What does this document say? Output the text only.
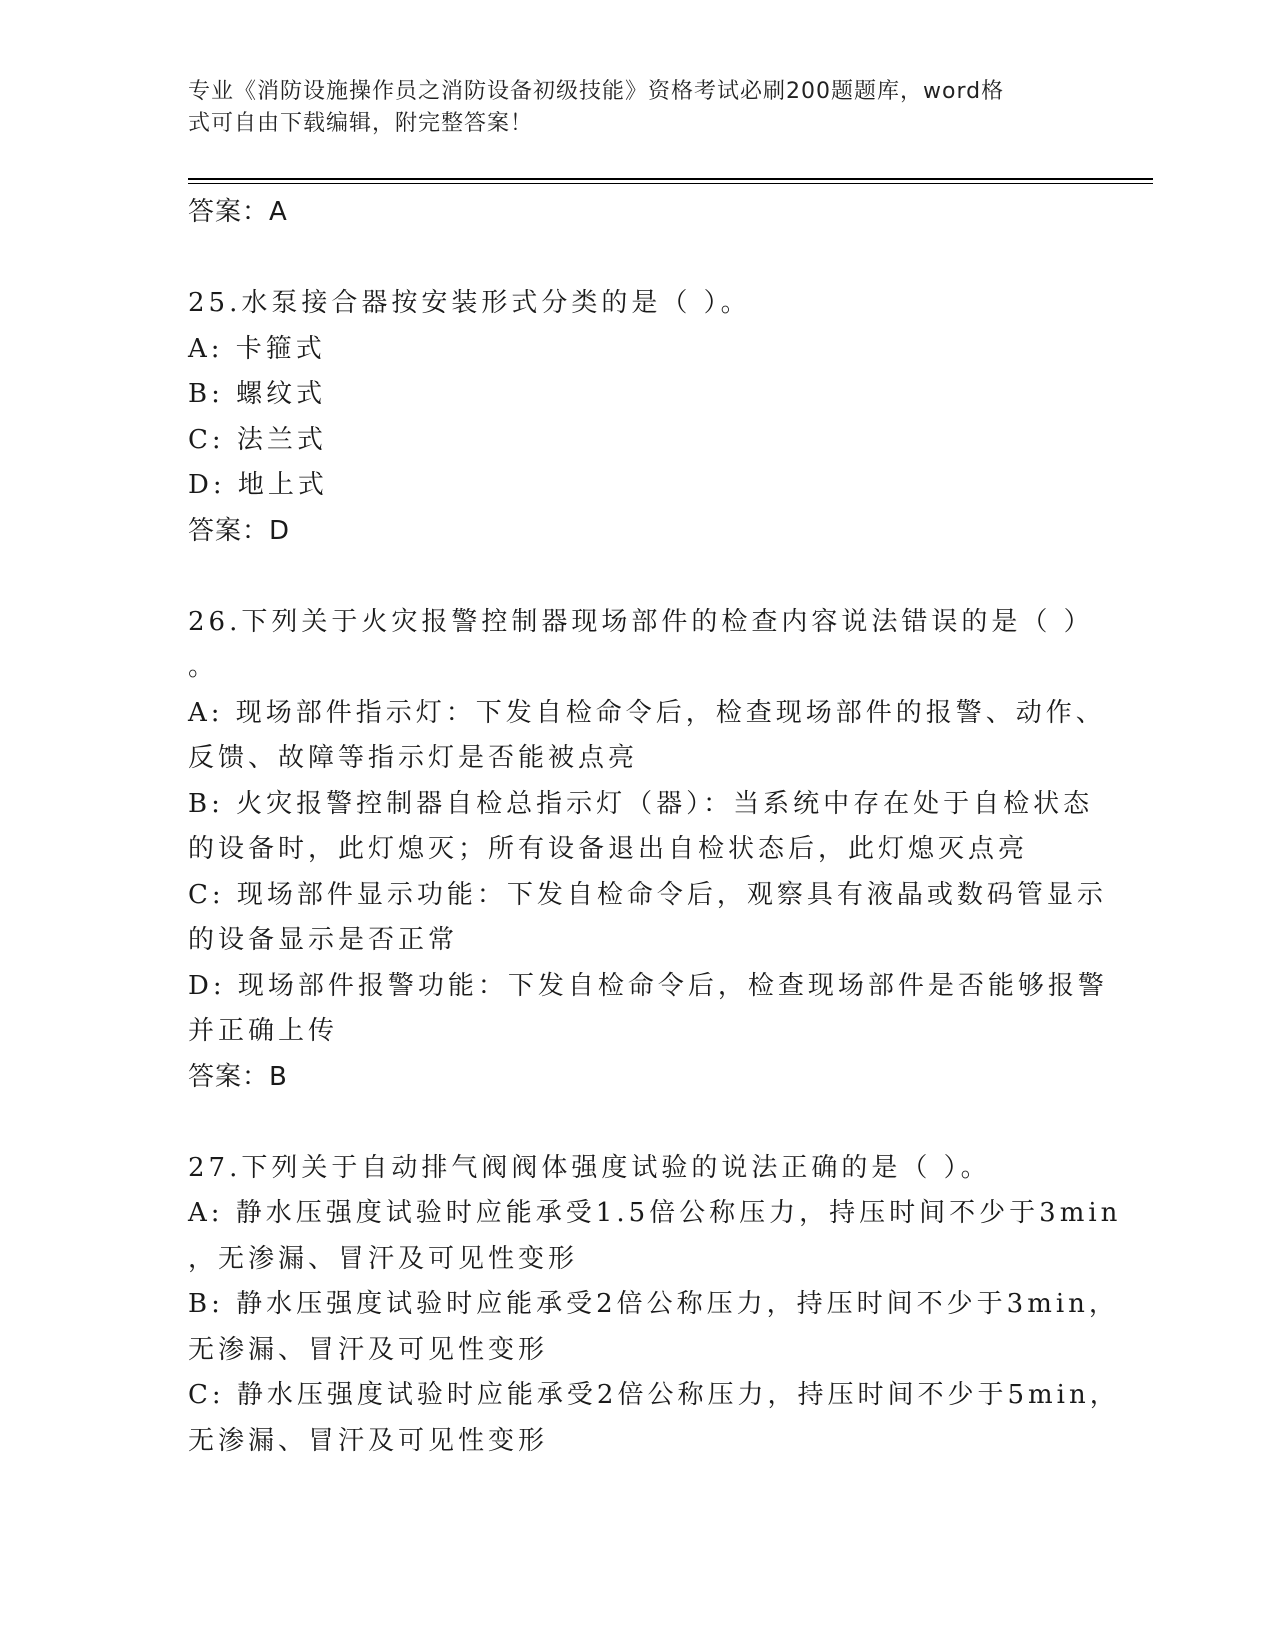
专业《消防设施操作员之消防设备初级技能》资格考试必刷200题题库，word格
式可自由下载编辑，附完整答案！
答案：A
25.水泵接合器按安装形式分类的是（ ）。
A: 卡箍式
B: 螺纹式
C: 法兰式
D: 地上式
答案：D
26.下列关于火灾报警控制器现场部件的检查内容说法错误的是（ ）
。
A: 现场部件指示灯：下发自检命令后，检查现场部件的报警、动作、
反馈、故障等指示灯是否能被点亮
B: 火灾报警控制器自检总指示灯（器）：当系统中存在处于自检状态
的设备时，此灯熄灭；所有设备退出自检状态后，此灯熄灭点亮
C: 现场部件显示功能：下发自检命令后，观察具有液晶或数码管显示
的设备显示是否正常
D: 现场部件报警功能：下发自检命令后，检查现场部件是否能够报警
并正确上传
答案：B
27.下列关于自动排气阀阀体强度试验的说法正确的是（ ）。
A: 静水压强度试验时应能承受1.5倍公称压力，持压时间不少于3min
，无渗漏、冒汗及可见性变形
B: 静水压强度试验时应能承受2倍公称压力，持压时间不少于3min，
无渗漏、冒汗及可见性变形
C: 静水压强度试验时应能承受2倍公称压力，持压时间不少于5min，
无渗漏、冒汗及可见性变形
